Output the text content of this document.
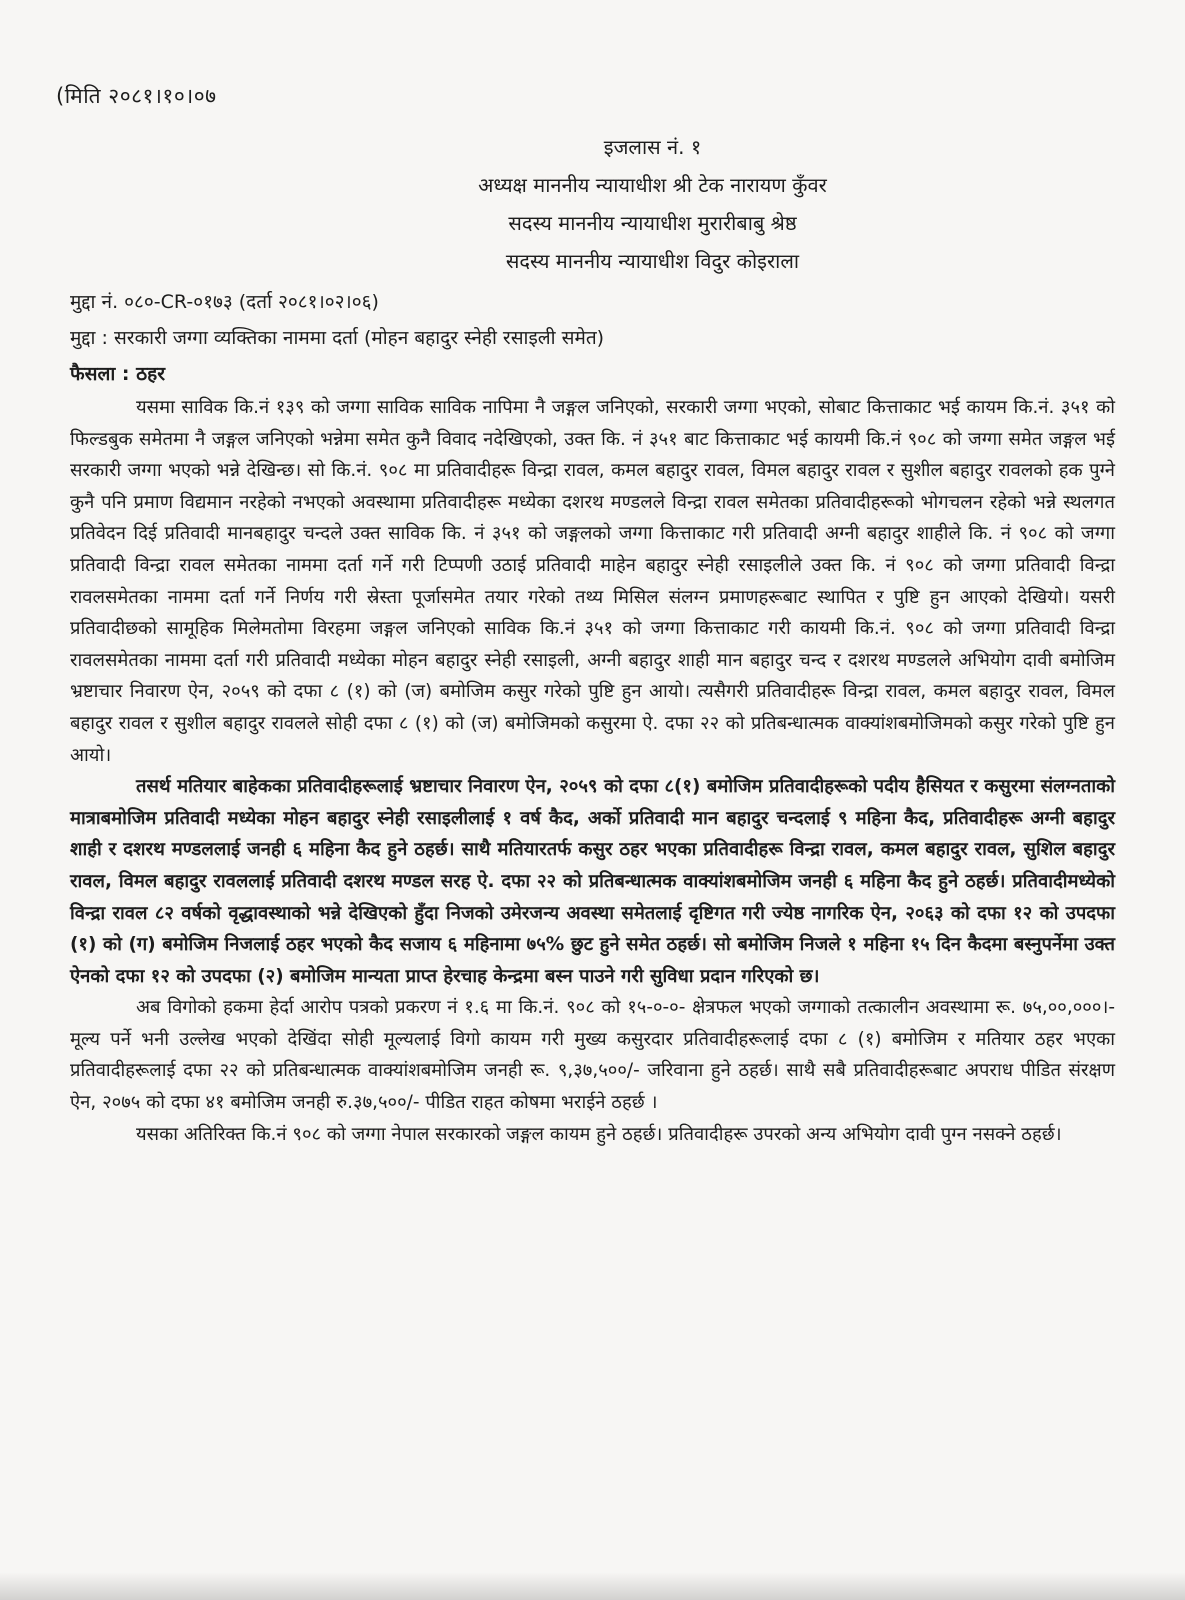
(मिति २०८१।१०।०७
इजलास नं. १
अध्यक्ष माननीय न्यायाधीश श्री टेक नारायण कुँवर
सदस्य माननीय न्यायाधीश मुरारीबाबु श्रेष्ठ
सदस्य माननीय न्यायाधीश विदुर कोइराला
मुद्दा नं. ०८०-CR-०१७३ (दर्ता २०८१।०२।०६)
मुद्दा : सरकारी जग्गा व्यक्तिका नाममा दर्ता (मोहन बहादुर स्नेही रसाइली समेत)
फैसला : ठहर

यसमा साविक कि.नं १३९ को जग्गा साविक साविक नापिमा नै जङ्गल जनिएको, सरकारी जग्गा भएको, सोबाट कित्ताकाट भई कायम कि.नं. ३५१ को फिल्डबुक समेतमा नै जङ्गल जनिएको भन्नेमा समेत कुनै विवाद नदेखिएको, उक्त कि. नं ३५१ बाट कित्ताकाट भई कायमी कि.नं ९०८ को जग्गा समेत जङ्गल भई सरकारी जग्गा भएको भन्ने देखिन्छ। सो कि.नं. ९०८ मा प्रतिवादीहरू विन्द्रा रावल, कमल बहादुर रावल, विमल बहादुर रावल र सुशील बहादुर रावलको हक पुग्ने कुनै पनि प्रमाण विद्यमान नरहेको नभएको अवस्थामा प्रतिवादीहरू मध्येका दशरथ मण्डलले विन्द्रा रावल समेतका प्रतिवादीहरूको भोगचलन रहेको भन्ने स्थलगत प्रतिवेदन दिई प्रतिवादी मानबहादुर चन्दले उक्त साविक कि. नं ३५१ को जङ्गलको जग्गा कित्ताकाट गरी प्रतिवादी अग्नी बहादुर शाहीले कि. नं ९०८ को जग्गा प्रतिवादी विन्द्रा रावल समेतका नाममा दर्ता गर्ने गरी टिप्पणी उठाई प्रतिवादी माहेन बहादुर स्नेही रसाइलीले उक्त कि. नं ९०८ को जग्गा प्रतिवादी विन्द्रा रावलसमेतका नाममा दर्ता गर्ने निर्णय गरी स्रेस्ता पूर्जासमेत तयार गरेको तथ्य मिसिल संलग्न प्रमाणहरूबाट स्थापित र पुष्टि हुन आएको देखियो। यसरी प्रतिवादीछको सामूहिक मिलेमतोमा विरहमा जङ्गल जनिएको साविक कि.नं ३५१ को जग्गा कित्ताकाट गरी कायमी कि.नं. ९०८ को जग्गा प्रतिवादी विन्द्रा रावलसमेतका नाममा दर्ता गरी प्रतिवादी मध्येका मोहन बहादुर स्नेही रसाइली, अग्नी बहादुर शाही मान बहादुर चन्द र दशरथ मण्डलले अभियोग दावी बमोजिम भ्रष्टाचार निवारण ऐन, २०५९ को दफा ८ (१) को (ज) बमोजिम कसुर गरेको पुष्टि हुन आयो। त्यसैगरी प्रतिवादीहरू विन्द्रा रावल, कमल बहादुर रावल, विमल बहादुर रावल र सुशील बहादुर रावलले सोही दफा ८ (१) को (ज) बमोजिमको कसुरमा ऐ. दफा २२ को प्रतिबन्धात्मक वाक्यांशबमोजिमको कसुर गरेको पुष्टि हुन आयो।

तसर्थ मतियार बाहेकका प्रतिवादीहरूलाई भ्रष्टाचार निवारण ऐन, २०५९ को दफा ८(१) बमोजिम प्रतिवादीहरूको पदीय हैसियत र कसुरमा संलग्नताको मात्राबमोजिम प्रतिवादी मध्येका मोहन बहादुर स्नेही रसाइलीलाई १ वर्ष कैद, अर्को प्रतिवादी मान बहादुर चन्दलाई ९ महिना कैद, प्रतिवादीहरू अग्नी बहादुर शाही र दशरथ मण्डललाई जनही ६ महिना कैद हुने ठहर्छ। साथै मतियारतर्फ कसुर ठहर भएका प्रतिवादीहरू विन्द्रा रावल, कमल बहादुर रावल, सुशिल बहादुर रावल, विमल बहादुर रावललाई प्रतिवादी दशरथ मण्डल सरह ऐ. दफा २२ को प्रतिबन्धात्मक वाक्यांशबमोजिम जनही ६ महिना कैद हुने ठहर्छ। प्रतिवादीमध्येको विन्द्रा रावल ८२ वर्षको वृद्धावस्थाको भन्ने देखिएको हुँदा निजको उमेरजन्य अवस्था समेतलाई दृष्टिगत गरी ज्येष्ठ नागरिक ऐन, २०६३ को दफा १२ को उपदफा (१) को (ग) बमोजिम निजलाई ठहर भएको कैद सजाय ६ महिनामा ७५% छुट हुने समेत ठहर्छ। सो बमोजिम निजले १ महिना १५ दिन कैदमा बस्नुपर्नेमा उक्त ऐनको दफा १२ को उपदफा (२) बमोजिम मान्यता प्राप्त हेरचाह केन्द्रमा बस्न पाउने गरी सुविधा प्रदान गरिएको छ।

अब विगोको हकमा हेर्दा आरोप पत्रको प्रकरण नं १.६ मा कि.नं. ९०८ को १५-०-०- क्षेत्रफल भएको जग्गाको तत्कालीन अवस्थामा रू. ७५,००,०००।- मूल्य पर्ने भनी उल्लेख भएको देखिंदा सोही मूल्यलाई विगो कायम गरी मुख्य कसुरदार प्रतिवादीहरूलाई दफा ८ (१) बमोजिम र मतियार ठहर भएका प्रतिवादीहरूलाई दफा २२ को प्रतिबन्धात्मक वाक्यांशबमोजिम जनही रू. ९,३७,५००/- जरिवाना हुने ठहर्छ। साथै सबै प्रतिवादीहरूबाट अपराध पीडित संरक्षण ऐन, २०७५ को दफा ४१ बमोजिम जनही रु.३७,५००/- पीडित राहत कोषमा भराईने ठहर्छ ।

यसका अतिरिक्त कि.नं ९०८ को जग्गा नेपाल सरकारको जङ्गल कायम हुने ठहर्छ। प्रतिवादीहरू उपरको अन्य अभियोग दावी पुग्न नसक्ने ठहर्छ।
